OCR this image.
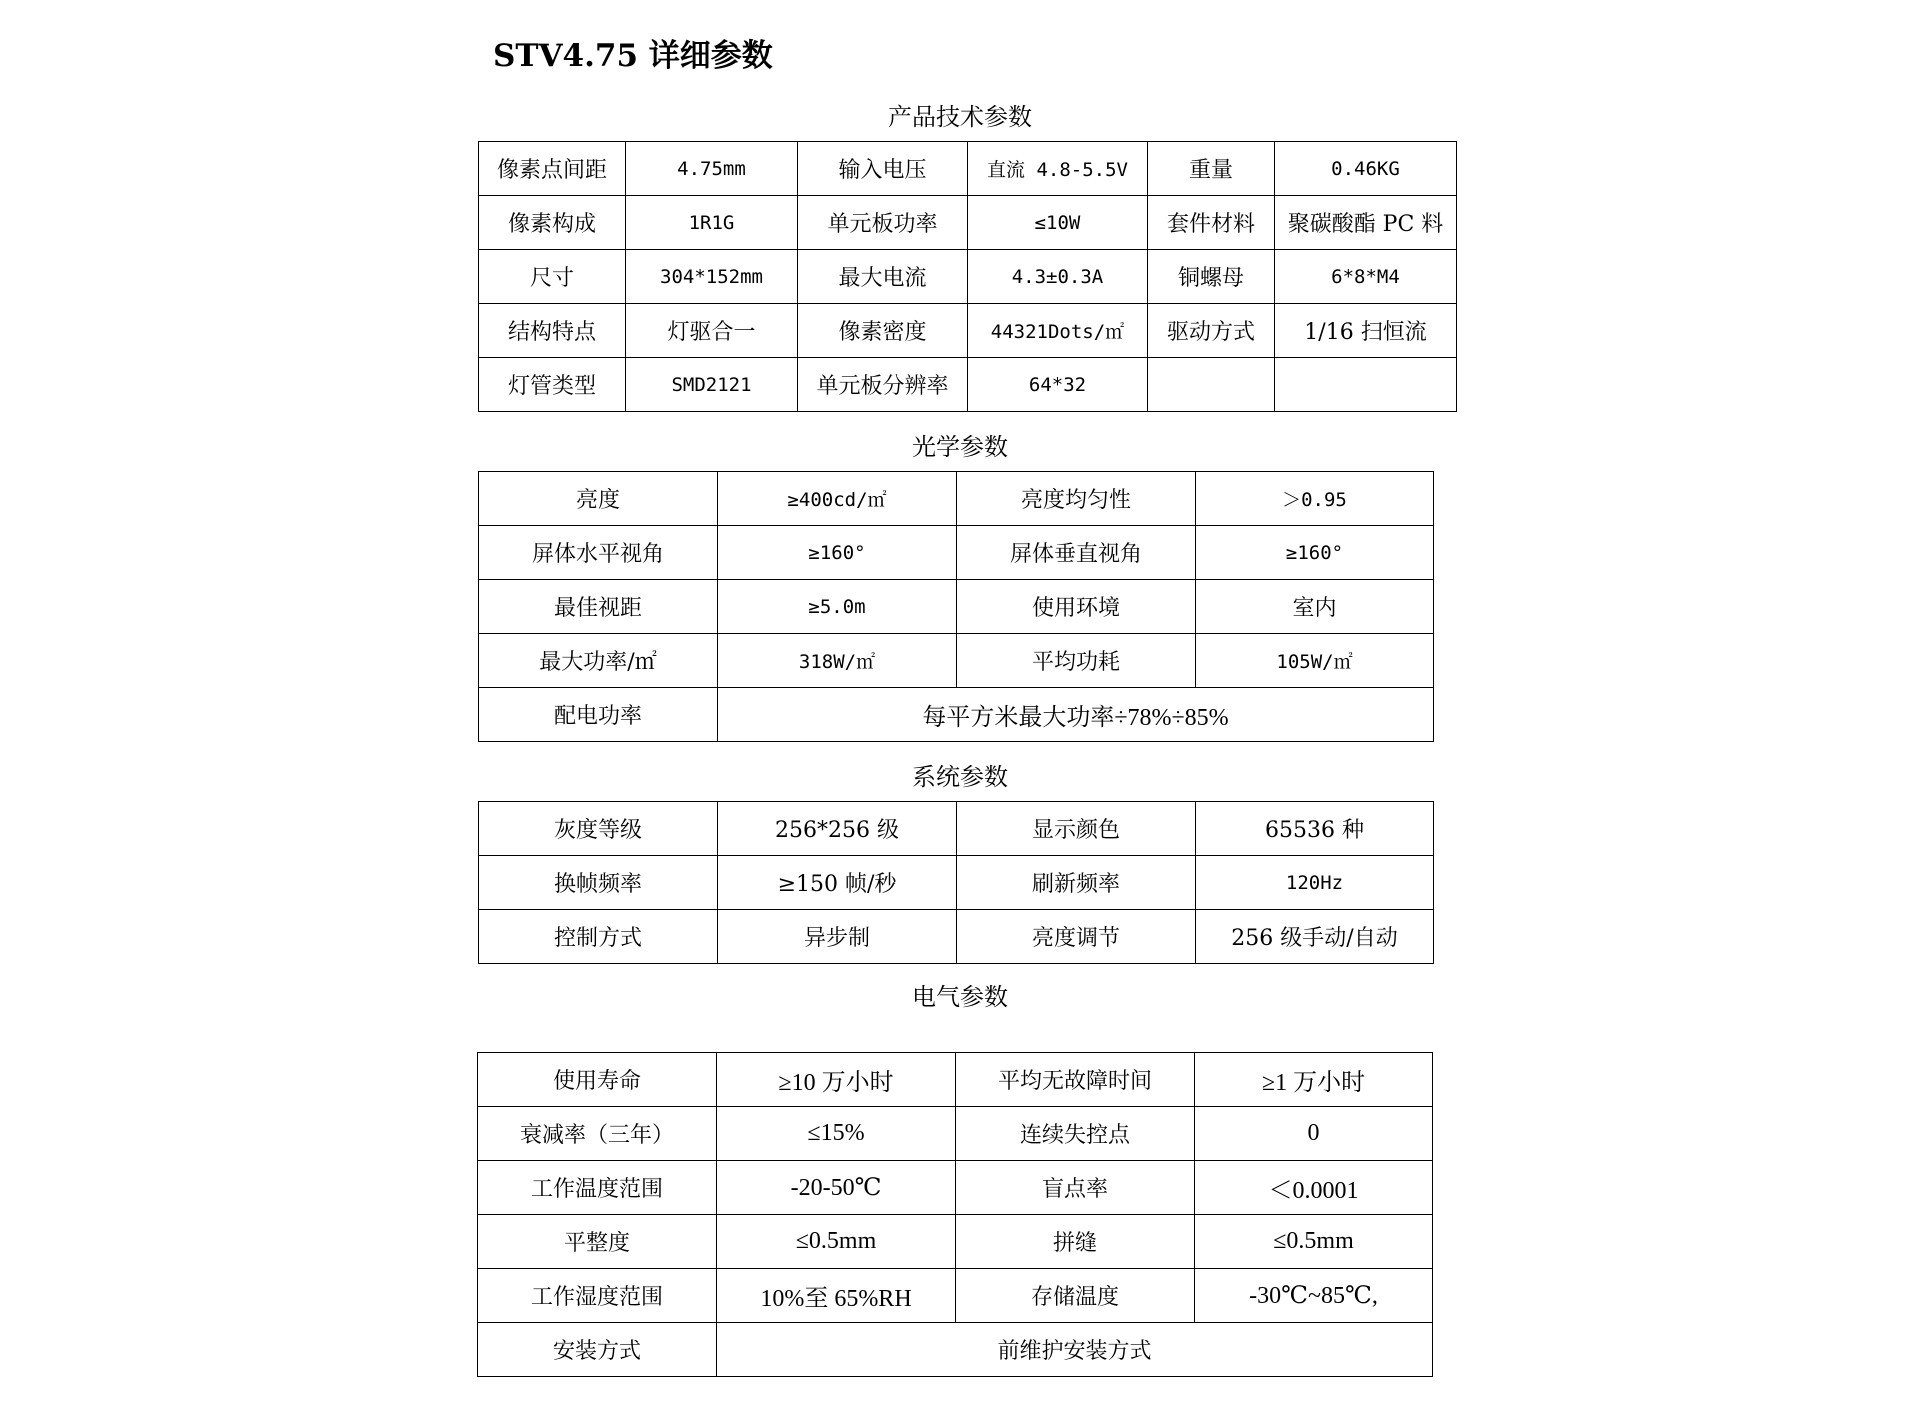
STV4.75 详细参数
产品技术参数
像素点间距	4.75mm	输入电压	直流 4.8-5.5V	重量	0.46KG
像素构成	1R1G	单元板功率	≤10W	套件材料	聚碳酸酯 PC 料
尺寸	304*152mm	最大电流	4.3±0.3A	铜螺母	6*8*M4
结构特点	灯驱合一	像素密度	44321Dots/㎡	驱动方式	1/16 扫恒流
灯管类型	SMD2121	单元板分辨率	64*32		
光学参数
亮度	≥400cd/㎡	亮度均匀性	＞0.95
屏体水平视角	≥160°	屏体垂直视角	≥160°
最佳视距	≥5.0m	使用环境	室内
最大功率/㎡	318W/㎡	平均功耗	105W/㎡
配电功率	每平方米最大功率÷78%÷85%		
系统参数
灰度等级	256*256 级	显示颜色	65536 种
换帧频率	≥150 帧/秒	刷新频率	120Hz
控制方式	异步制	亮度调节	256 级手动/自动
电气参数
使用寿命	≥10 万小时	平均无故障时间	≥1 万小时
衰减率（三年）	≤15%	连续失控点	0
工作温度范围	-20-50℃	盲点率	＜0.0001
平整度	≤0.5mm	拼缝	≤0.5mm
工作湿度范围	10%至 65%RH	存储温度	-30℃~85℃,
安装方式	前维护安装方式		
